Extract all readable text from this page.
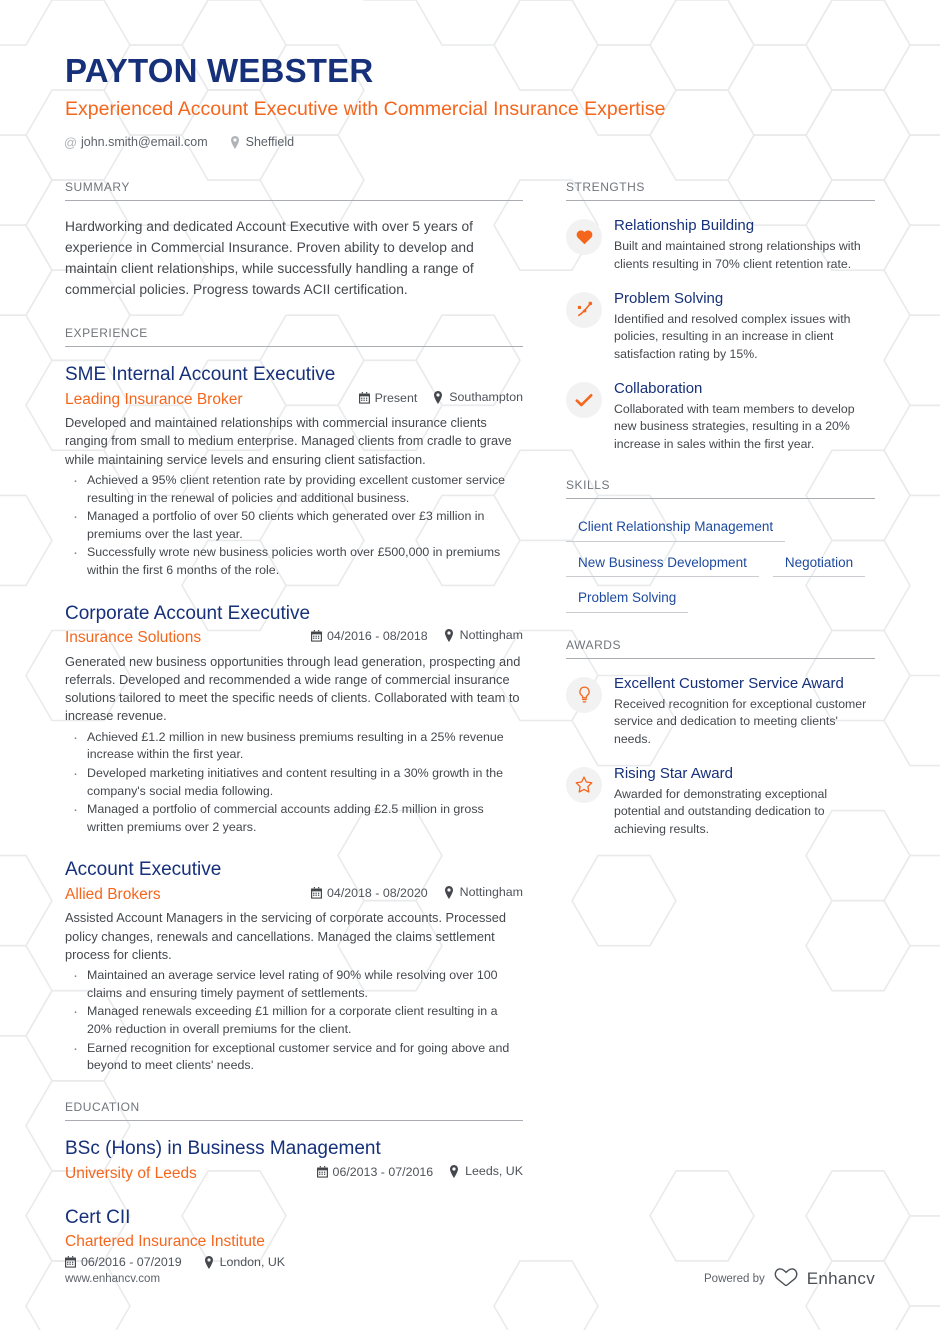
PAYTON WEBSTER
Experienced Account Executive with Commercial Insurance Expertise
@ john.smith@email.com	Sheffield
SUMMARY
Hardworking and dedicated Account Executive with over 5 years of experience in Commercial Insurance. Proven ability to develop and maintain client relationships, while successfully handling a range of commercial policies. Progress towards ACII certification.
EXPERIENCE
SME Internal Account Executive
Leading Insurance Broker	Present	Southampton
Developed and maintained relationships with commercial insurance clients ranging from small to medium enterprise. Managed clients from cradle to grave while maintaining service levels and ensuring client satisfaction.
· Achieved a 95% client retention rate by providing excellent customer service resulting in the renewal of policies and additional business.
· Managed a portfolio of over 50 clients which generated over £3 million in premiums over the last year.
· Successfully wrote new business policies worth over £500,000 in premiums within the first 6 months of the role.
Corporate Account Executive
Insurance Solutions	04/2016 - 08/2018	Nottingham
Generated new business opportunities through lead generation, prospecting and referrals. Developed and recommended a wide range of commercial insurance solutions tailored to meet the specific needs of clients. Collaborated with team to increase revenue.
· Achieved £1.2 million in new business premiums resulting in a 25% revenue increase within the first year.
· Developed marketing initiatives and content resulting in a 30% growth in the company's social media following.
· Managed a portfolio of commercial accounts adding £2.5 million in gross written premiums over 2 years.
Account Executive
Allied Brokers	04/2018 - 08/2020	Nottingham
Assisted Account Managers in the servicing of corporate accounts. Processed policy changes, renewals and cancellations. Managed the claims settlement process for clients.
· Maintained an average service level rating of 90% while resolving over 100 claims and ensuring timely payment of settlements.
· Managed renewals exceeding £1 million for a corporate client resulting in a 20% reduction in overall premiums for the client.
· Earned recognition for exceptional customer service and for going above and beyond to meet clients' needs.
EDUCATION
BSc (Hons) in Business Management
University of Leeds	06/2013 - 07/2016	Leeds, UK
Cert CII
Chartered Insurance Institute
06/2016 - 07/2019	London, UK
STRENGTHS
Relationship Building
Built and maintained strong relationships with clients resulting in 70% client retention rate.
Problem Solving
Identified and resolved complex issues with policies, resulting in an increase in client satisfaction rating by 15%.
Collaboration
Collaborated with team members to develop new business strategies, resulting in a 20% increase in sales within the first year.
SKILLS
Client Relationship Management
New Business Development	Negotiation
Problem Solving
AWARDS
Excellent Customer Service Award
Received recognition for exceptional customer service and dedication to meeting clients' needs.
Rising Star Award
Awarded for demonstrating exceptional potential and outstanding dedication to achieving results.
www.enhancv.com	Powered by Enhancv
